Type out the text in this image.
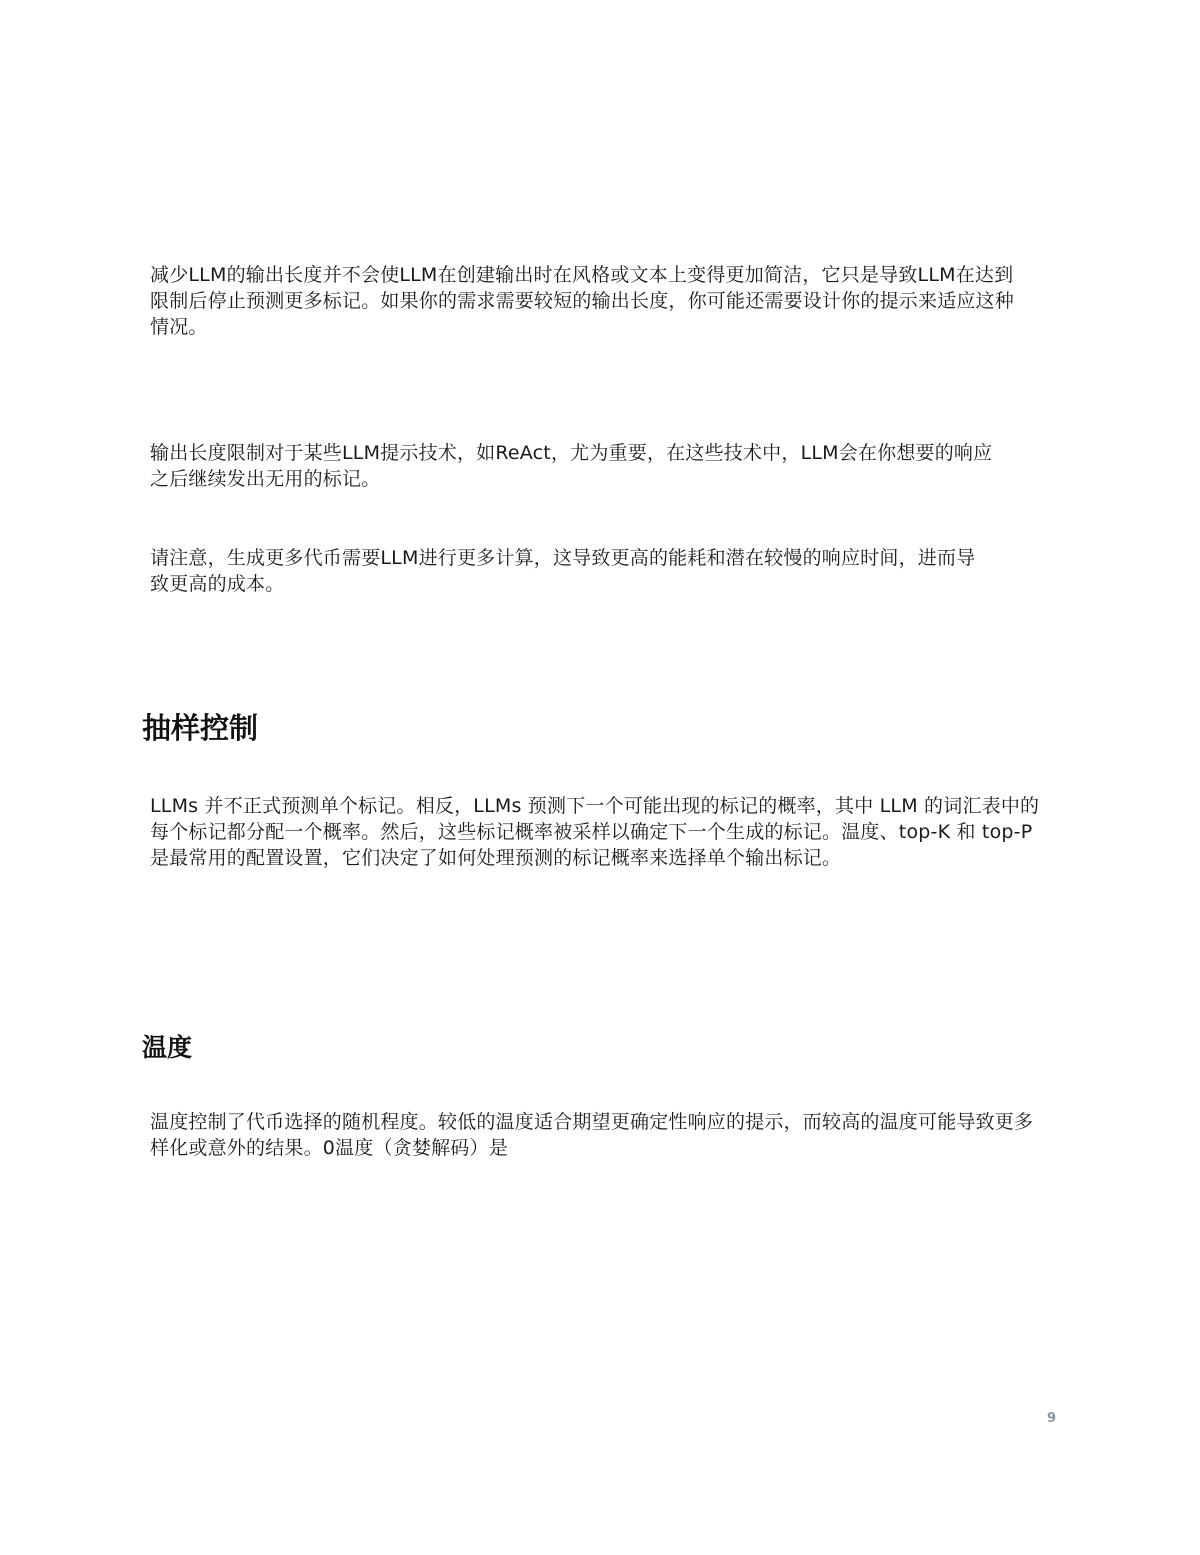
减少LLM的输出长度并不会使LLM在创建输出时在风格或文本上变得更加简洁，它只是导致LLM在达到限制后停止预测更多标记。如果你的需求需要较短的输出长度，你可能还需要设计你的提示来适应这种情况。

输出长度限制对于某些LLM提示技术，如ReAct，尤为重要，在这些技术中，LLM会在你想要的响应之后继续发出无用的标记。

请注意，生成更多代币需要LLM进行更多计算，这导致更高的能耗和潜在较慢的响应时间，进而导致更高的成本。

抽样控制

LLMs 并不正式预测单个标记。相反，LLMs 预测下一个可能出现的标记的概率，其中 LLM 的词汇表中的每个标记都分配一个概率。然后，这些标记概率被采样以确定下一个生成的标记。温度、top-K 和 top-P 是最常用的配置设置，它们决定了如何处理预测的标记概率来选择单个输出标记。

温度

温度控制了代币选择的随机程度。较低的温度适合期望更确定性响应的提示，而较高的温度可能导致更多样化或意外的结果。0温度（贪婪解码）是

9
